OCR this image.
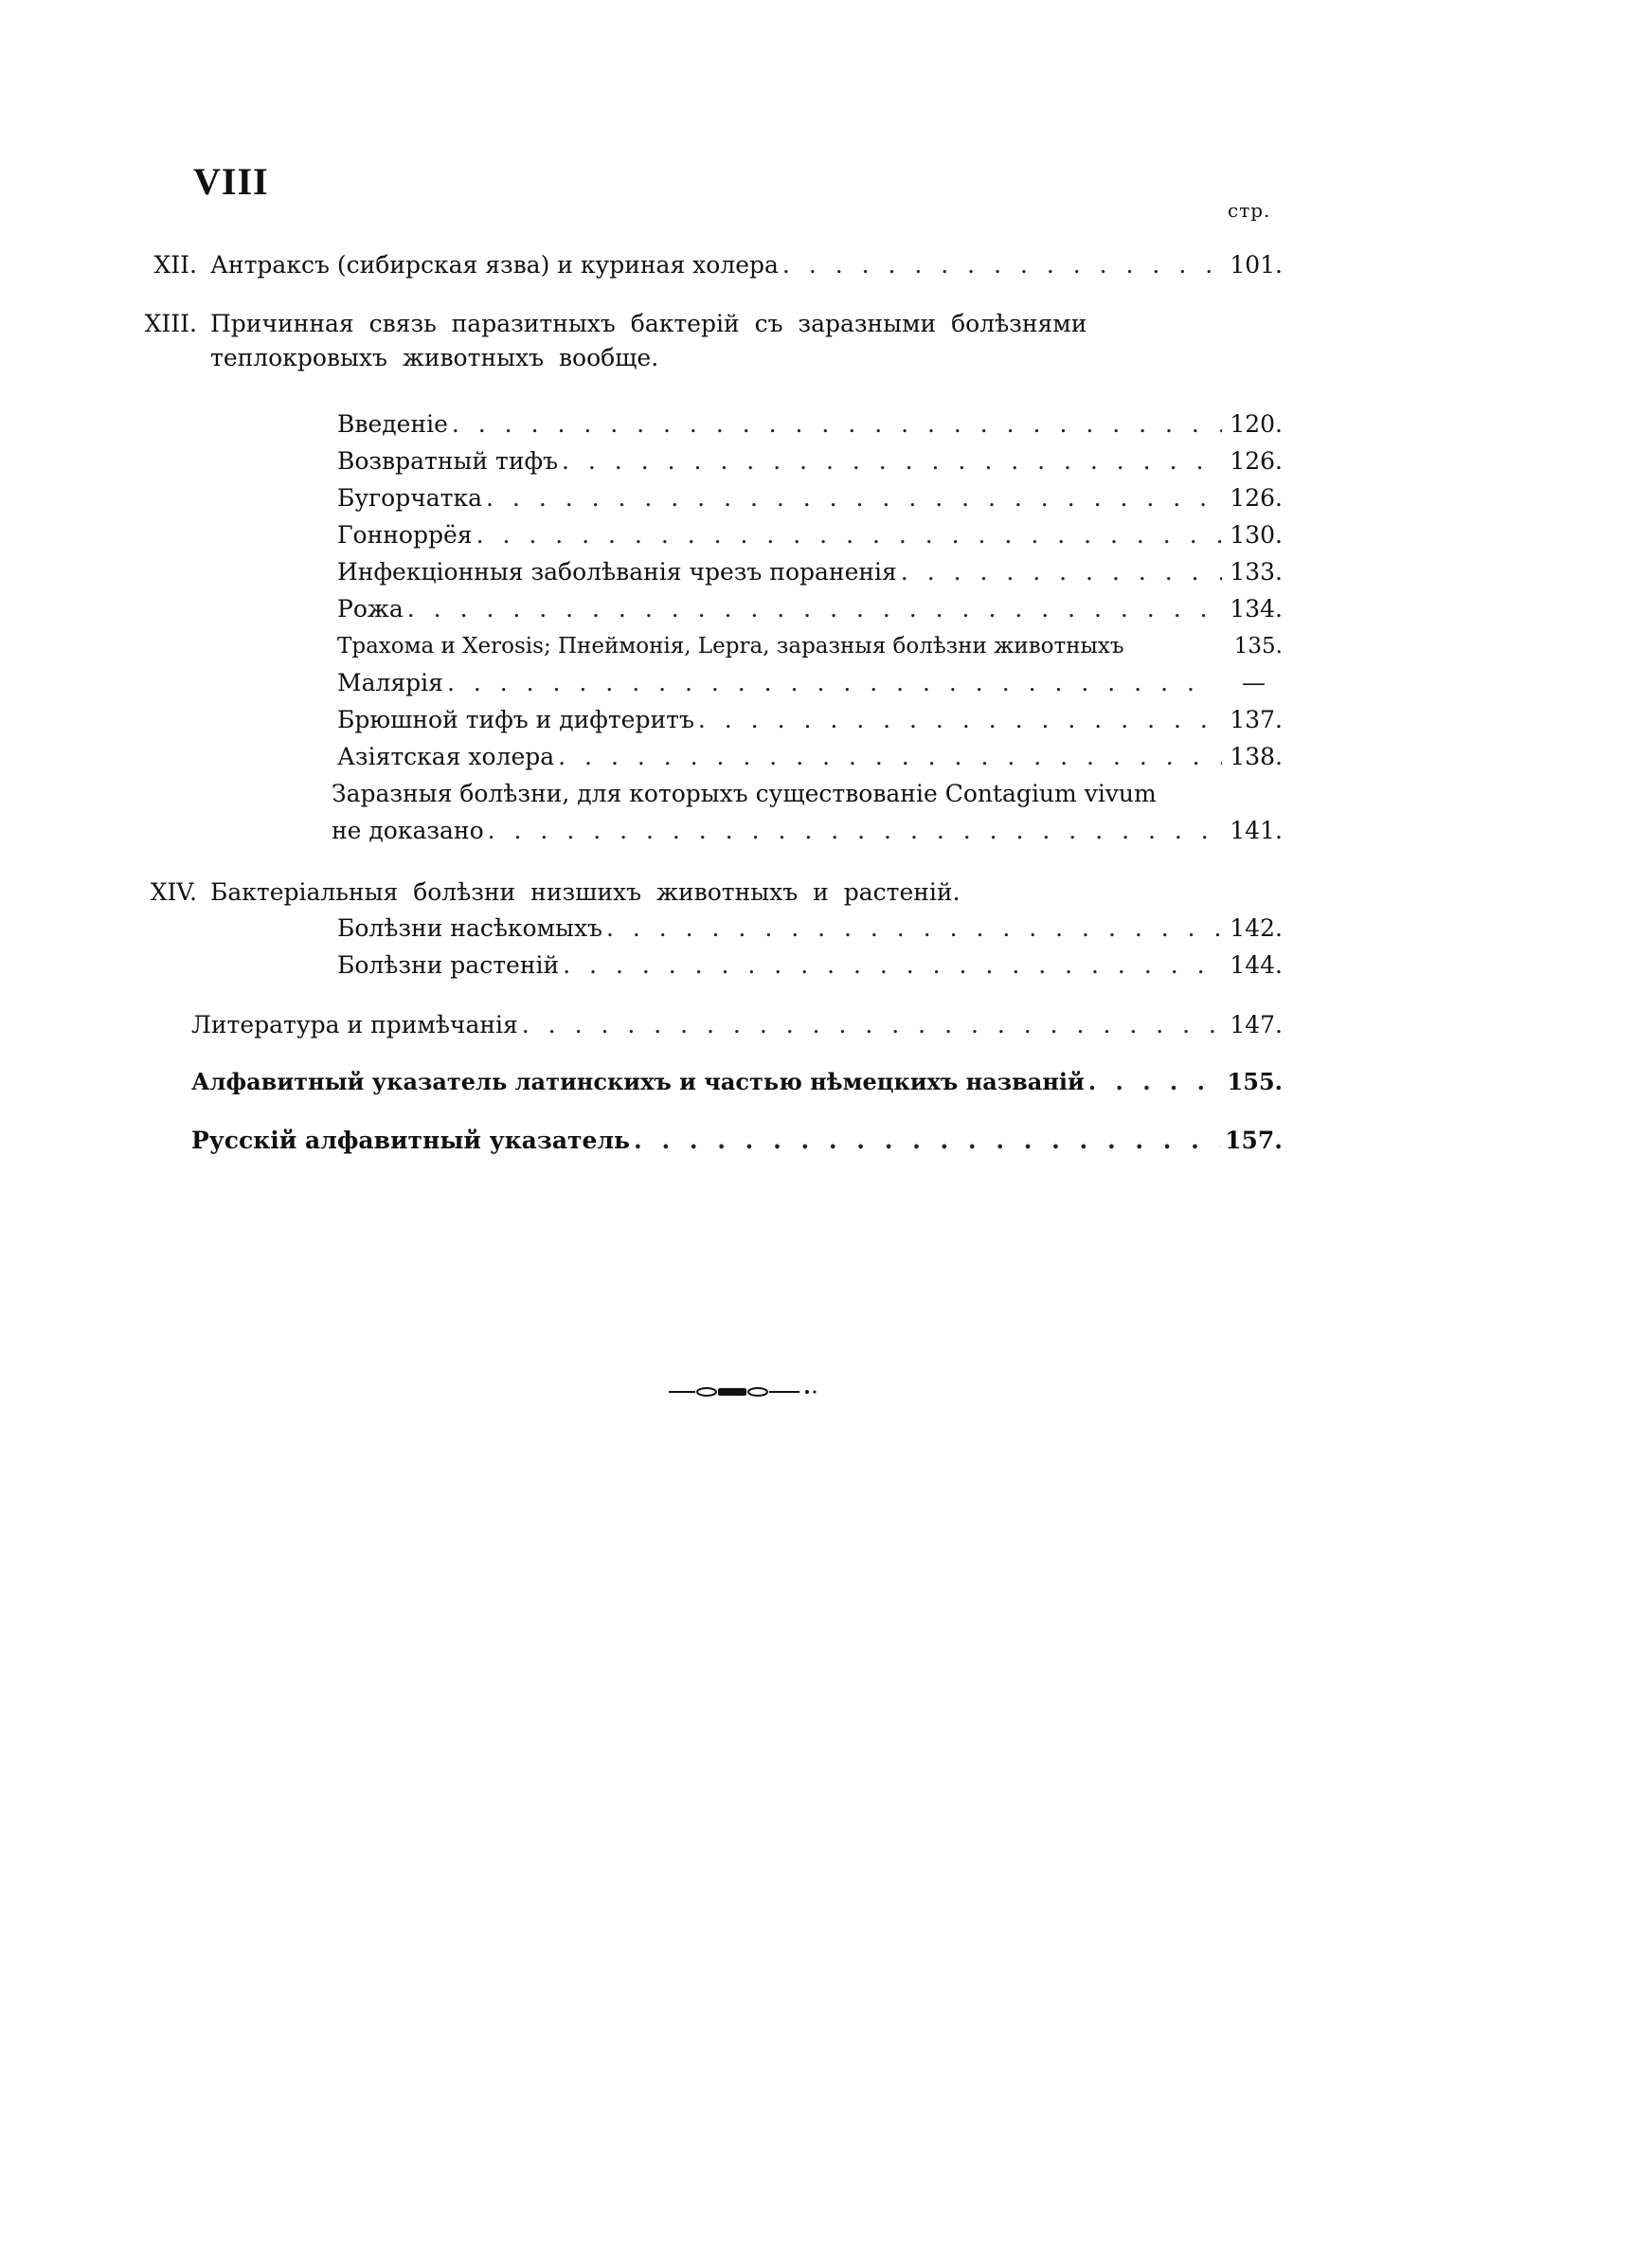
VIII
стр.
XII. Антраксъ (сибирская язва) и куриная холера . . .	101.
XIII. Причинная связь паразитныхъ бактерій съ заразными болѣзнями
теплокровыхъ животныхъ вообще.
Введеніе . . .	120.
Возвратный тифъ . . .	126.
Бугорчатка . . .	126.
Гонноррёя . . .	130.
Инфекціонныя заболѣванія чрезъ пораненія . . .	133.
Рожа . . .	134.
Трахома и Xerosis; Пнеймонія, Lepra, заразныя болѣзни животныхъ	135.
Малярія . . .	—
Брюшной тифъ и дифтеритъ . . .	137.
Азіятская холера . . .	138.
Заразныя болѣзни, для которыхъ существованіе Contagium vivum
не доказано . . .	141.
XIV. Бактеріальныя болѣзни низшихъ животныхъ и растеній.
Болѣзни насѣкомыхъ . . .	142.
Болѣзни растеній . . .	144.
Литература и примѣчанія . . .	147.
Алфавитный указатель латинскихъ и частью нѣмецкихъ названій . . .	155.
Русскій алфавитный указатель . . .	157.
